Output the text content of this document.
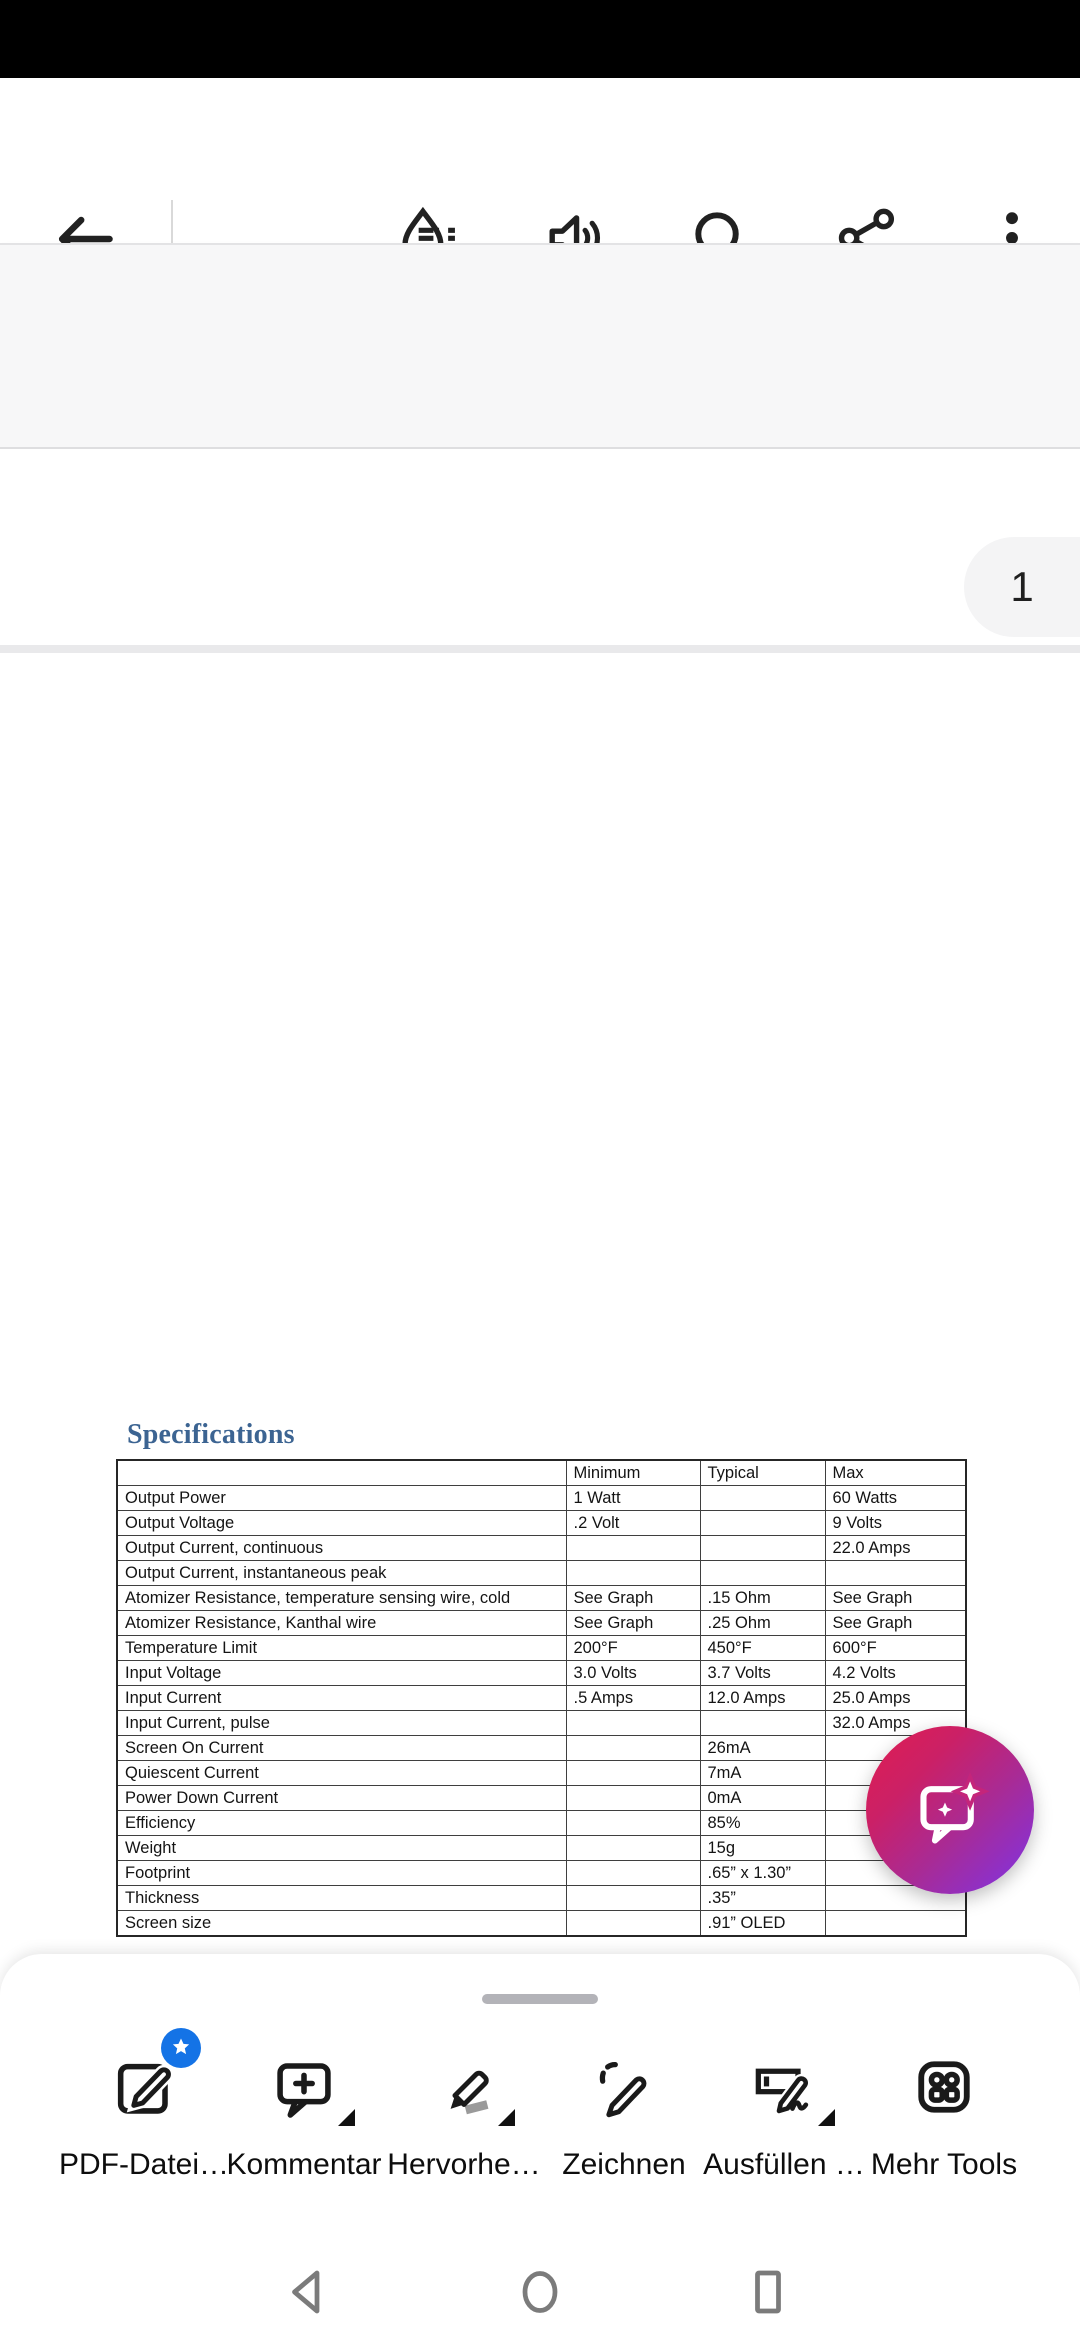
1
Specifications
	Minimum	Typical	Max
Output Power	1 Watt		60 Watts
Output Voltage	.2 Volt		9 Volts
Output Current, continuous			22.0 Amps
Output Current, instantaneous peak			
Atomizer Resistance, temperature sensing wire, cold	See Graph	.15 Ohm	See Graph
Atomizer Resistance, Kanthal wire	See Graph	.25 Ohm	See Graph
Temperature Limit	200°F	450°F	600°F
Input Voltage	3.0 Volts	3.7 Volts	4.2 Volts
Input Current	.5 Amps	12.0 Amps	25.0 Amps
Input Current, pulse			32.0 Amps
Screen On Current		26mA	
Quiescent Current		7mA	
Power Down Current		0mA	
Efficiency		85%	
Weight		15g	
Footprint		.65” x 1.30”	
Thickness		.35”	
Screen size		.91” OLED	
PDF-Datei…
Kommentar Hervorhe… Zeichnen Ausfüllen … Mehr Tools
